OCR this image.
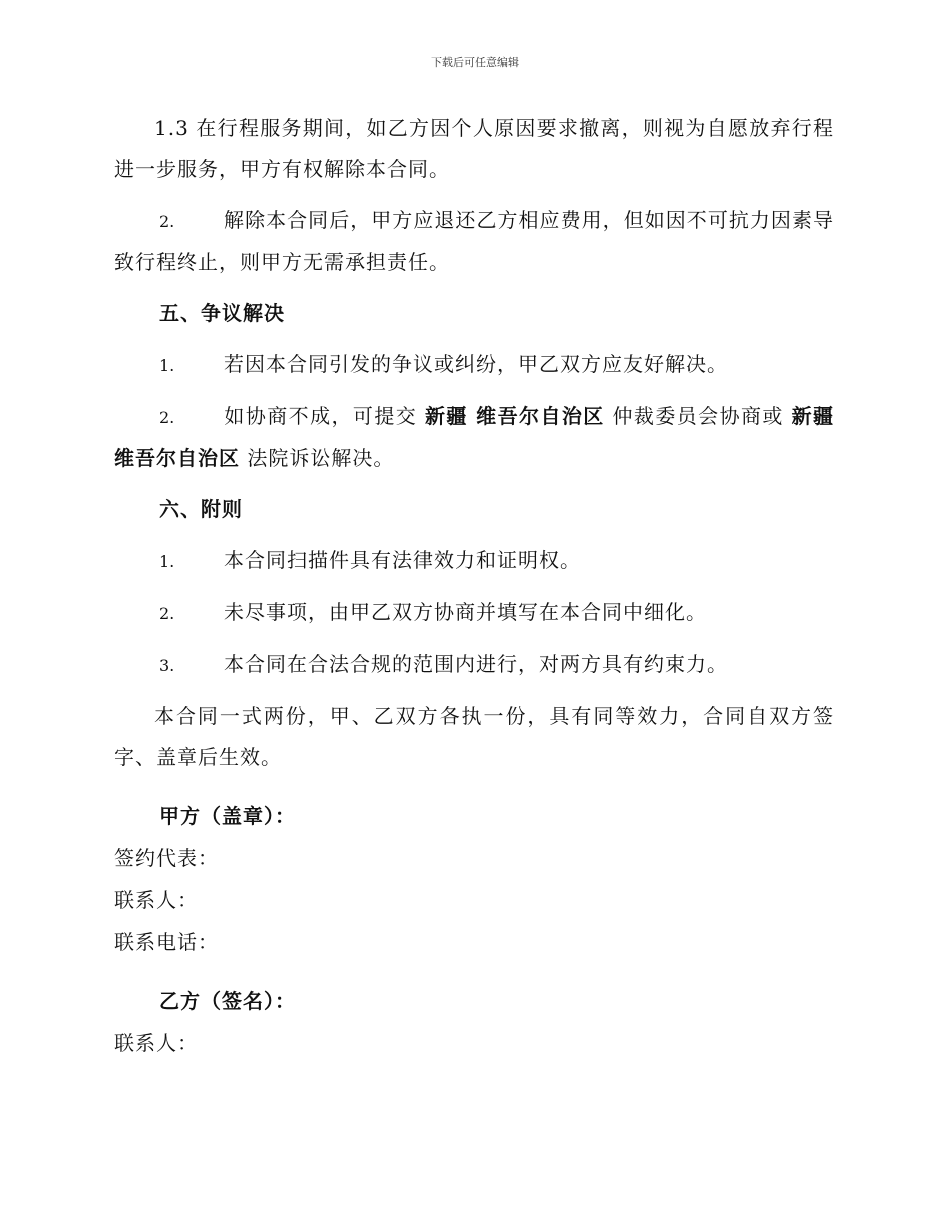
下载后可任意编辑

1.3 在行程服务期间，如乙方因个人原因要求撤离，则视为自愿放弃行程进一步服务，甲方有权解除本合同。

2. 解除本合同后，甲方应退还乙方相应费用，但如因不可抗力因素导致行程终止，则甲方无需承担责任。

五、争议解决

1. 若因本合同引发的争议或纠纷，甲乙双方应友好解决。

2. 如协商不成，可提交 新疆 维吾尔自治区 仲裁委员会协商或 新疆维吾尔自治区 法院诉讼解决。

六、附则

1. 本合同扫描件具有法律效力和证明权。

2. 未尽事项，由甲乙双方协商并填写在本合同中细化。

3. 本合同在合法合规的范围内进行，对两方具有约束力。

本合同一式两份，甲、乙双方各执一份，具有同等效力，合同自双方签字、盖章后生效。

甲方（盖章）：

签约代表：

联系人：

联系电话：

乙方（签名）：

联系人：
